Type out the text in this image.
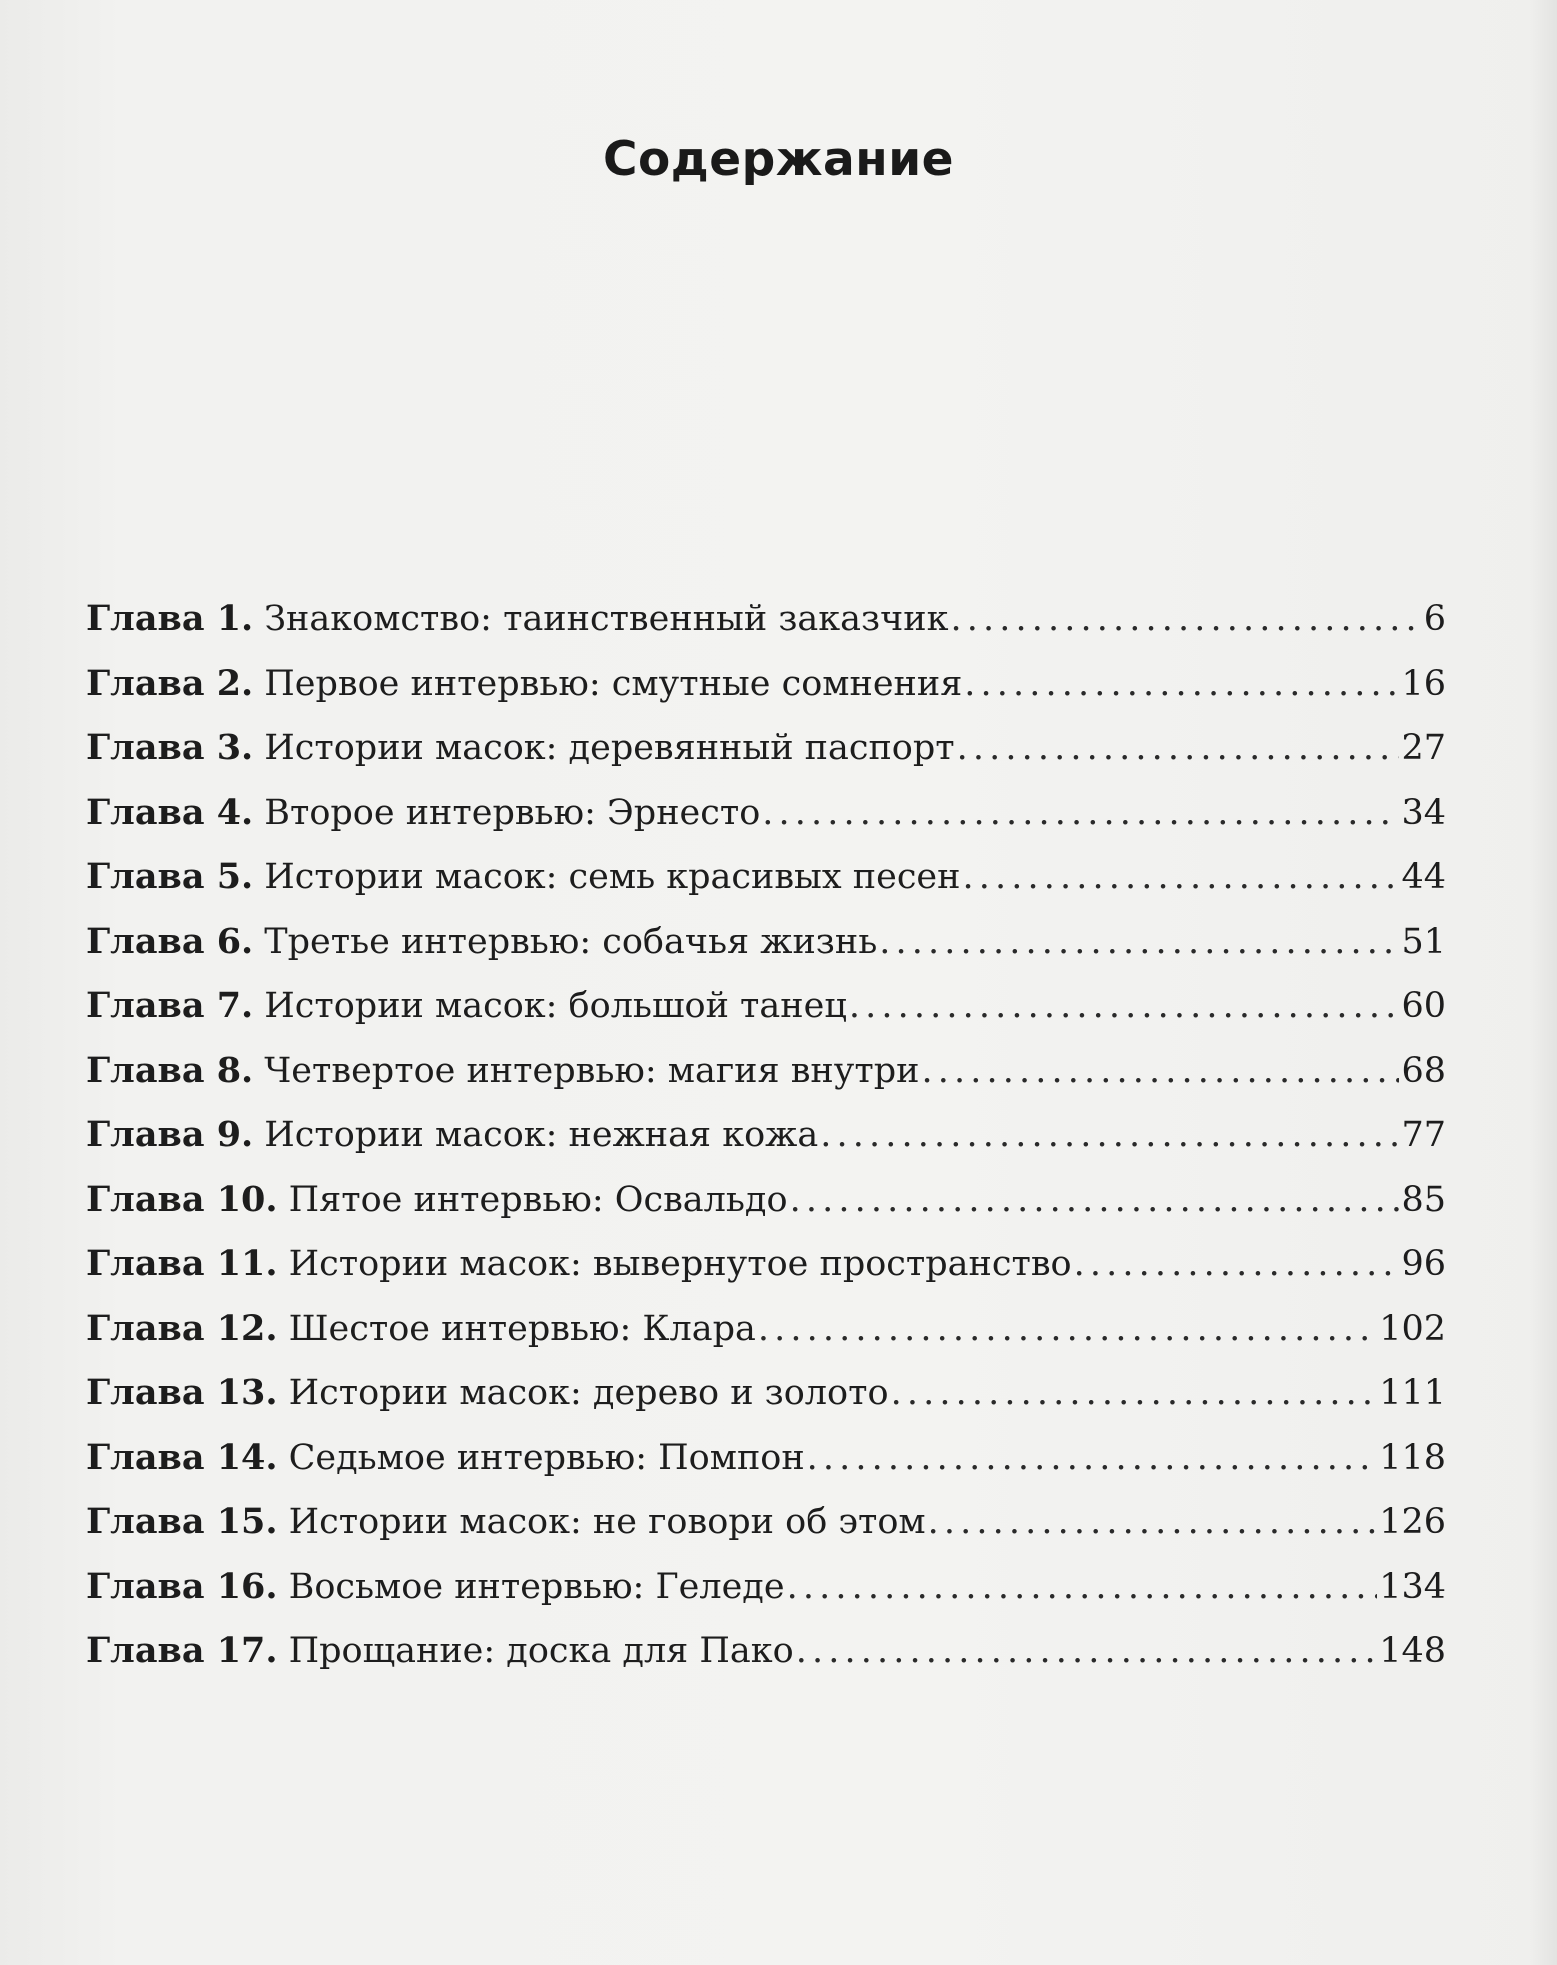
Содержание
Глава 1. Знакомство: таинственный заказчик . . .	6
Глава 2. Первое интервью: смутные сомнения . . .	16
Глава 3. Истории масок: деревянный паспорт . . .	27
Глава 4. Второе интервью: Эрнесто . . .	34
Глава 5. Истории масок: семь красивых песен . . .	44
Глава 6. Третье интервью: собачья жизнь . . .	51
Глава 7. Истории масок: большой танец . . .	60
Глава 8. Четвертое интервью: магия внутри . . .	68
Глава 9. Истории масок: нежная кожа . . .	77
Глава 10. Пятое интервью: Освальдо . . .	85
Глава 11. Истории масок: вывернутое пространство . . .	96
Глава 12. Шестое интервью: Клара . . .	102
Глава 13. Истории масок: дерево и золото . . .	111
Глава 14. Седьмое интервью: Помпон . . .	118
Глава 15. Истории масок: не говори об этом . . .	126
Глава 16. Восьмое интервью: Геледе . . .	134
Глава 17. Прощание: доска для Пако . . .	148
